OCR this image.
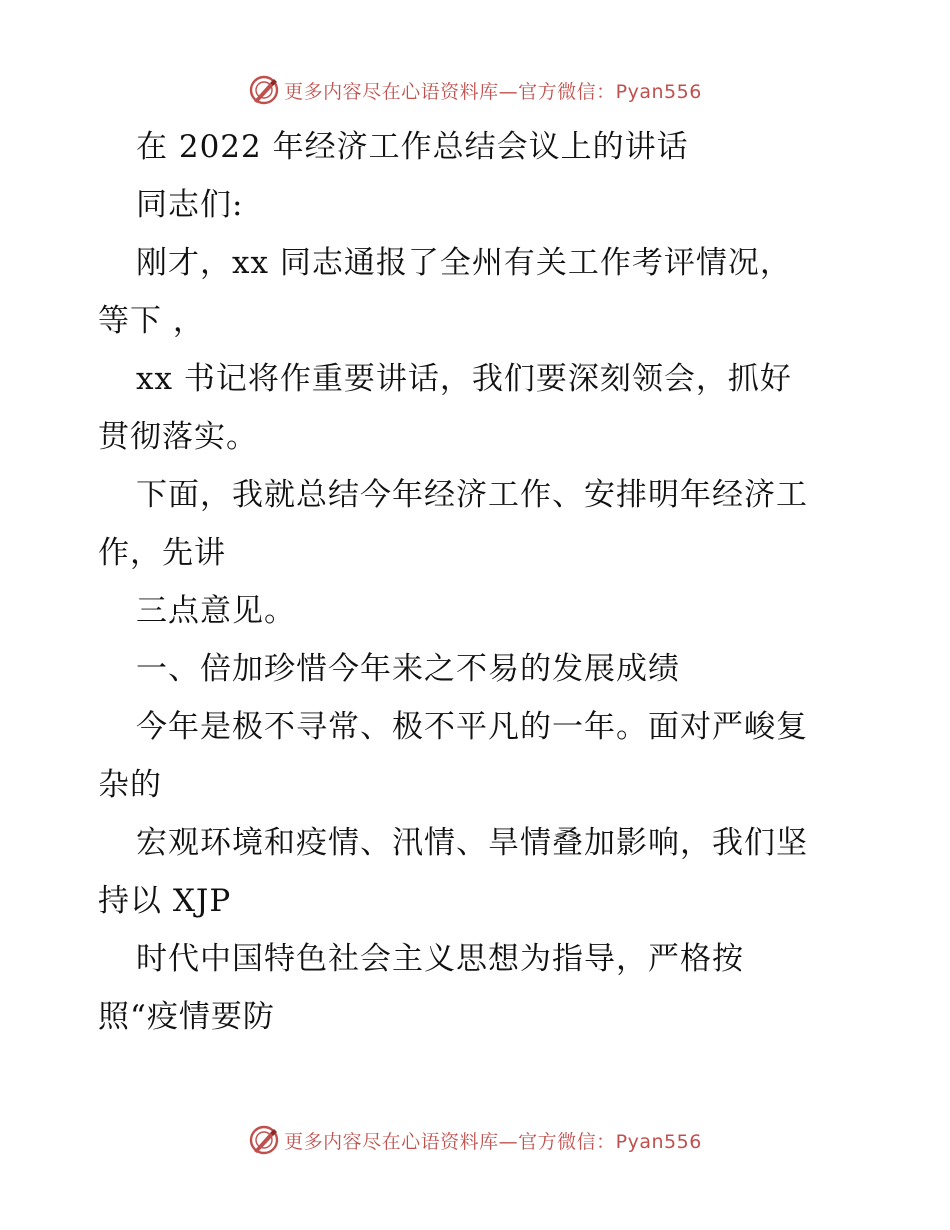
更多内容尽在心语资料库—官方微信：Pyan556
在 2022 年经济工作总结会议上的讲话
同志们:
刚才，xx 同志通报了全州有关工作考评情况，
等下 ，
xx 书记将作重要讲话，我们要深刻领会，抓好
贯彻落实。
下面，我就总结今年经济工作、安排明年经济工
作，先讲
三点意见。
一、倍加珍惜今年来之不易的发展成绩
今年是极不寻常、极不平凡的一年。面对严峻复
杂的
宏观环境和疫情、汛情、旱情叠加影响，我们坚
持以 XJP
时代中国特色社会主义思想为指导，严格按
照“疫情要防
更多内容尽在心语资料库—官方微信：Pyan556
